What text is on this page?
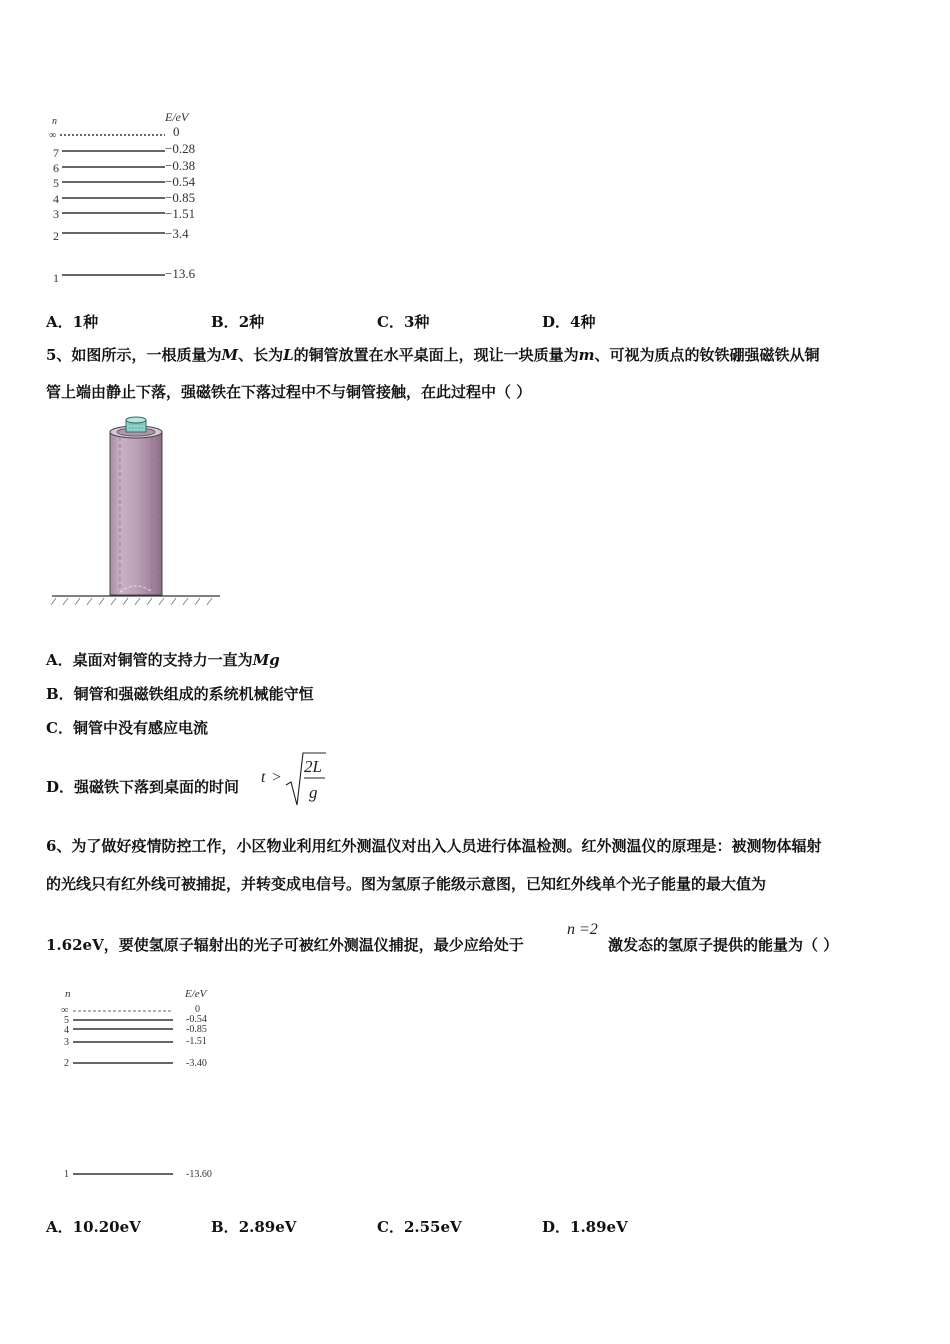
n	E/eV
∞	0
7	−0.28
6	−0.38
5	−0.54
4	−0.85
3	−1.51
2	−3.4
1	−13.6
A．1种	B．2种	C．3种	D．4种
5、如图所示，一根质量为M、长为L的铜管放置在水平桌面上，现让一块质量为m、可视为质点的钕铁硼强磁铁从铜
管上端由静止下落，强磁铁在下落过程中不与铜管接触，在此过程中（ ）
A．桌面对铜管的支持力一直为Mg
B．铜管和强磁铁组成的系统机械能守恒
C．铜管中没有感应电流
D．强磁铁下落到桌面的时间
t >
2L
g
6、为了做好疫情防控工作，小区物业利用红外测温仪对出入人员进行体温检测。红外测温仪的原理是：被测物体辐射
的光线只有红外线可被捕捉，并转变成电信号。图为氢原子能级示意图，已知红外线单个光子能量的最大值为
1.62eV，要使氢原子辐射出的光子可被红外测温仪捕捉，最少应给处于
n =2
激发态的氢原子提供的能量为（ ）
n	E/eV
∞	0
5	-0.54
4	-0.85
3	-1.51
2	-3.40
1	-13.60
A．10.20eV	B．2.89eV	C．2.55eV	D．1.89eV
